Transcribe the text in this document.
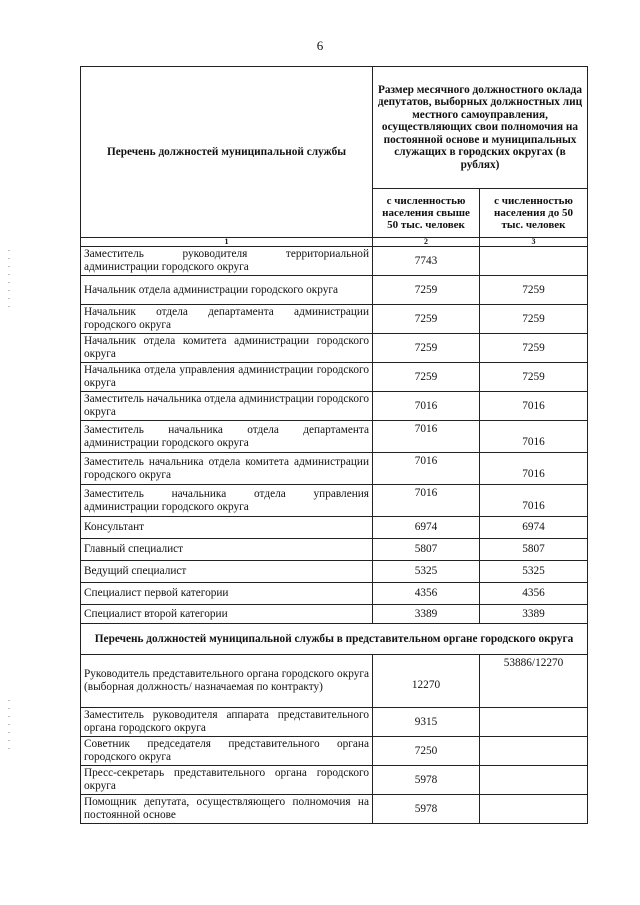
6
Перечень должностей муниципальной службы	Размер месячного должностного оклада депутатов, выборных должностных лиц местного самоуправления, осуществляющих свои полномочия на постоянной основе и муниципальных служащих в городских округах (в рублях)	
	с численностью населения свыше 50 тыс. человек	с численностью населения до 50 тыс. человек
1	2	3
Заместитель руководителя территориальной администрации городского округа	7743	
Начальник отдела администрации городского округа	7259	7259
Начальник отдела департамента администрации городского округа	7259	7259
Начальник отдела комитета администрации городского округа	7259	7259
Начальника отдела управления администрации городского округа	7259	7259
Заместитель начальника отдела администрации городского округа	7016	7016
Заместитель начальника отдела департамента администрации городского округа	7016	7016
Заместитель начальника отдела комитета администрации городского округа	7016	7016
Заместитель начальника отдела управления администрации городского округа	7016	7016
Консультант	6974	6974
Главный специалист	5807	5807
Ведущий специалист	5325	5325
Специалист первой категории	4356	4356
Специалист второй категории	3389	3389
Перечень должностей муниципальной службы в представительном органе городского округа		
Руководитель представительного органа городского округа (выборная должность/ назначаемая по контракту)	12270	53886/12270
Заместитель руководителя аппарата представительного органа городского округа	9315	
Советник председателя представительного органа городского округа	7250	
Пресс-секретарь представительного органа городского округа	5978	
Помощник депутата, осуществляющего полномочия на постоянной основе	5978	
